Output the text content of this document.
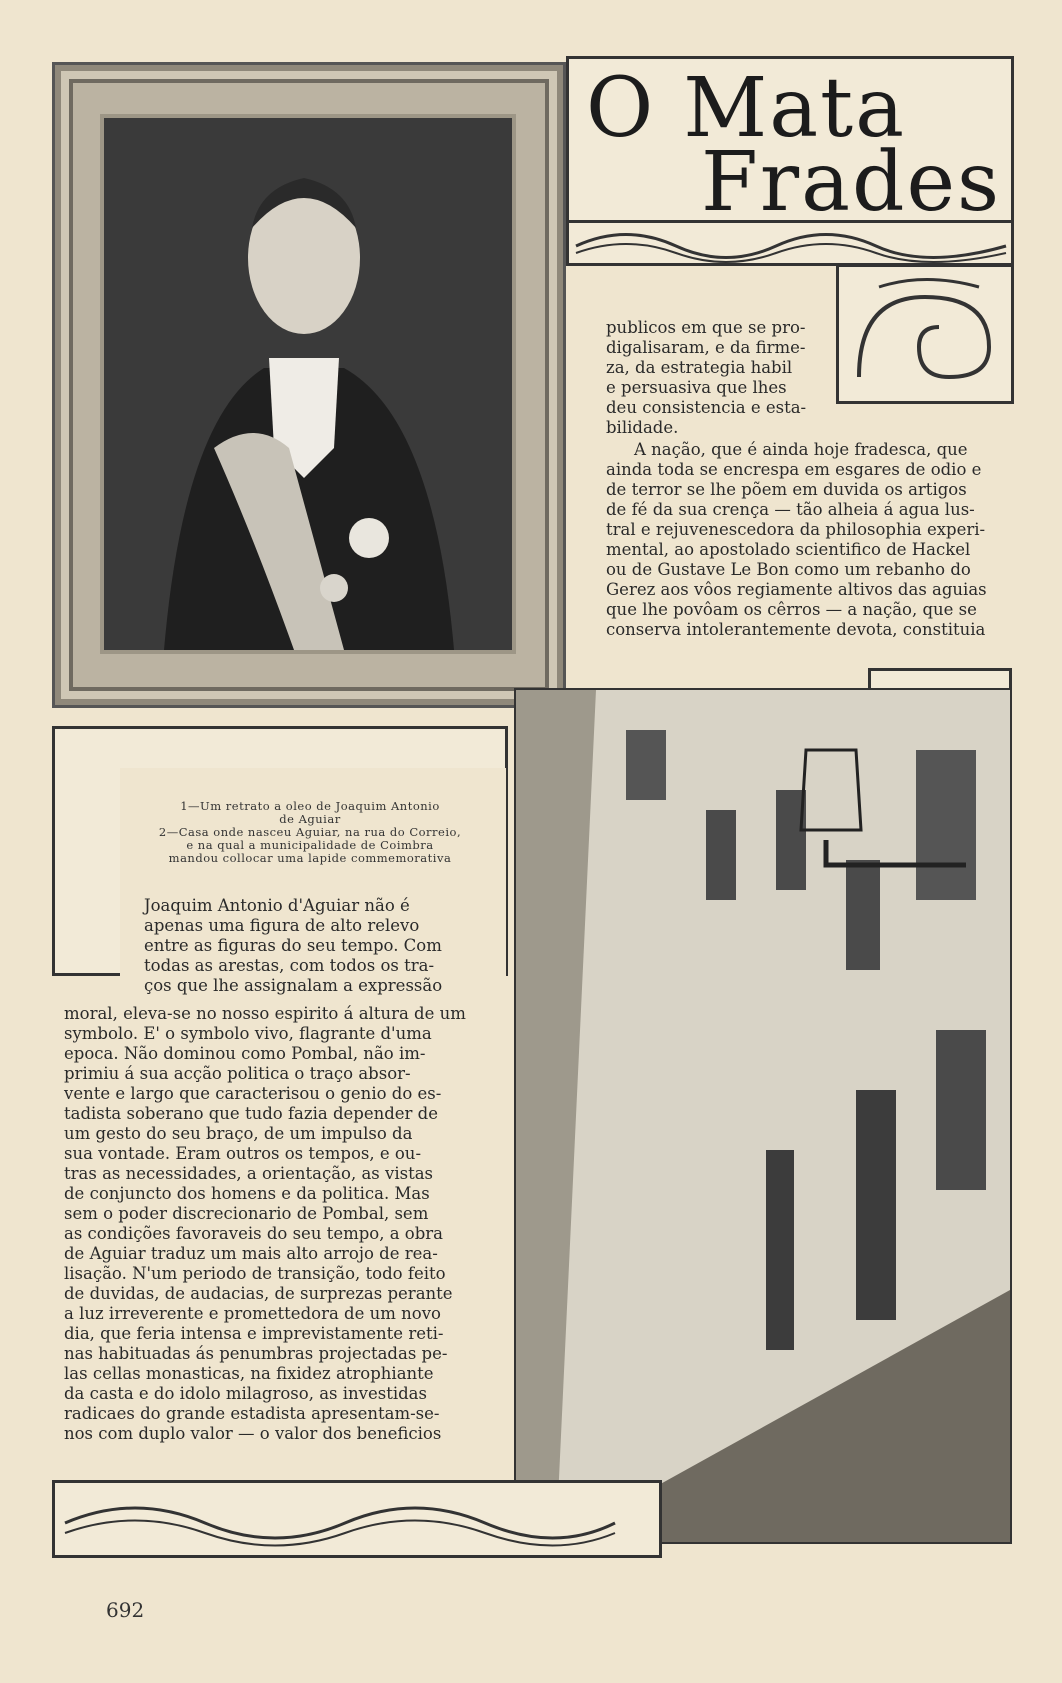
O Mata
Frades
publicos em que se pro-
digalisaram, e da firme-
za, da estrategia habil
e persuasiva que lhes
deu consistencia e esta-
bilidade.
A nação, que é ainda hoje fradesca, que
ainda toda se encrespa em esgares de odio e
de terror se lhe põem em duvida os artigos
de fé da sua crença — tão alheia á agua lus-
tral e rejuvenescedora da philosophia experi-
mental, ao apostolado scientifico de Hackel
ou de Gustave Le Bon como um rebanho do
Gerez aos vôos regiamente altivos das aguias
que lhe povôam os cêrros — a nação, que se
conserva intolerantemente devota, constituia
1—Um retrato a oleo de Joaquim Antonio
de Aguiar
2—Casa onde nasceu Aguiar, na rua do Correio,
e na qual a municipalidade de Coimbra
mandou collocar uma lapide commemorativa
Joaquim Antonio d'Aguiar não é
apenas uma figura de alto relevo
entre as figuras do seu tempo. Com
todas as arestas, com todos os tra-
ços que lhe assignalam a expressão
moral, eleva-se no nosso espirito á altura de um
symbolo. E' o symbolo vivo, flagrante d'uma
epoca. Não dominou como Pombal, não im-
primiu á sua acção politica o traço absor-
vente e largo que caracterisou o genio do es-
tadista soberano que tudo fazia depender de
um gesto do seu braço, de um impulso da
sua vontade. Eram outros os tempos, e ou-
tras as necessidades, a orientação, as vistas
de conjuncto dos homens e da politica. Mas
sem o poder discrecionario de Pombal, sem
as condições favoraveis do seu tempo, a obra
de Aguiar traduz um mais alto arrojo de rea-
lisação. N'um periodo de transição, todo feito
de duvidas, de audacias, de surprezas perante
a luz irreverente e promettedora de um novo
dia, que feria intensa e imprevistamente reti-
nas habituadas ás penumbras projectadas pe-
las cellas monasticas, na fixidez atrophiante
da casta e do idolo milagroso, as investidas
radicaes do grande estadista apresentam-se-
nos com duplo valor — o valor dos beneficios
692
